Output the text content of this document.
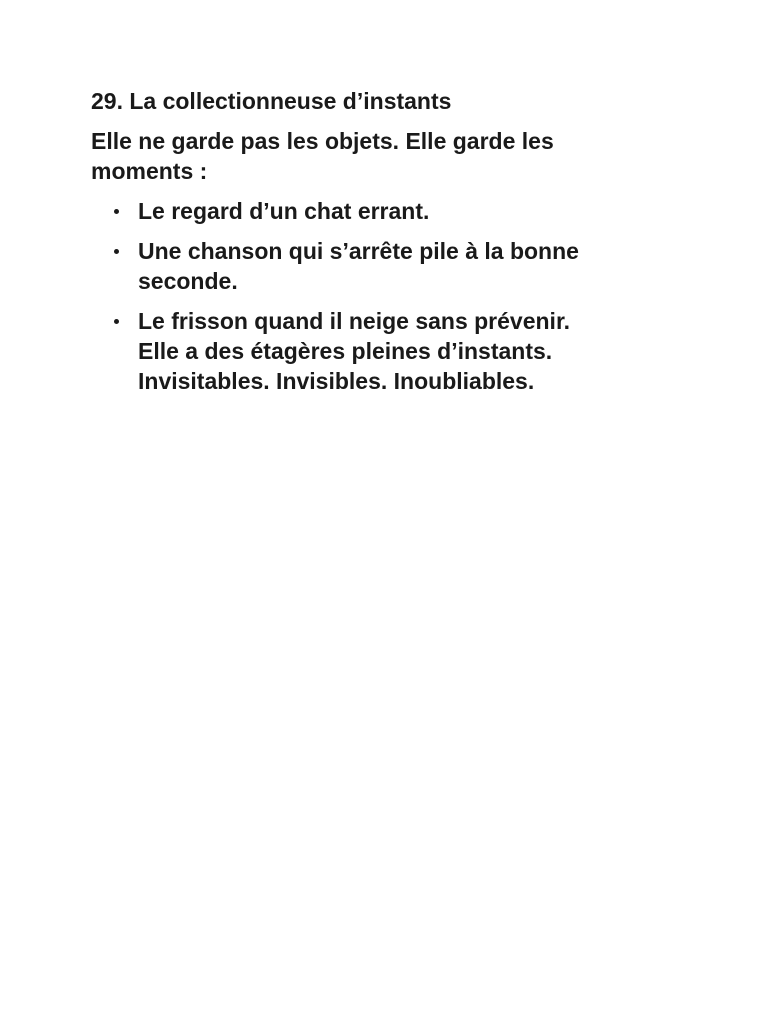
29. La collectionneuse d’instants
Elle ne garde pas les objets. Elle garde les
moments :
Le regard d’un chat errant.
Une chanson qui s’arrête pile à la bonne
seconde.
Le frisson quand il neige sans prévenir.
Elle a des étagères pleines d’instants.
Invisitables. Invisibles. Inoubliables.
